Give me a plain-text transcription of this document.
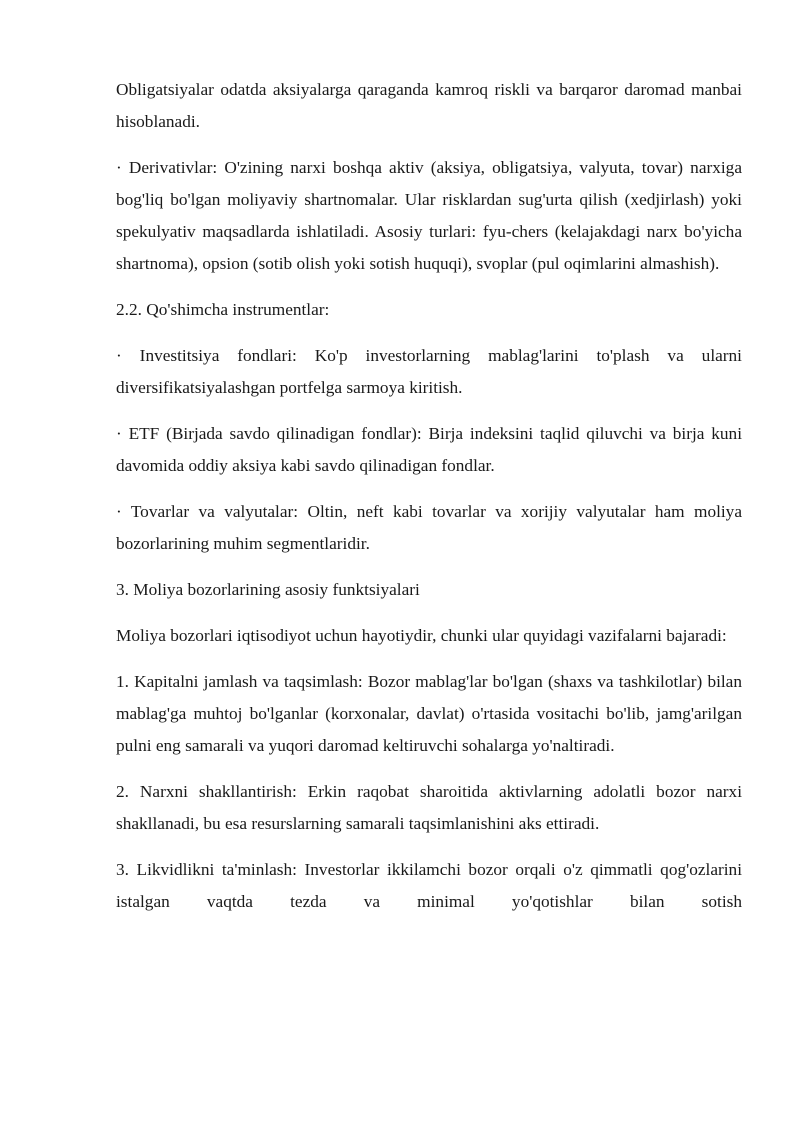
Obligatsiyalar odatda aksiyalarga qaraganda kamroq riskli va barqaror daromad manbai hisoblanadi.

· Derivativlar: O'zining narxi boshqa aktiv (aksiya, obligatsiya, valyuta, tovar) narxiga bog'liq bo'lgan moliyaviy shartnomalar. Ular risklardan sug'urta qilish (xedjirlash) yoki spekulyativ maqsadlarda ishlatiladi. Asosiy turlari: fyu-chers (kelajakdagi narx bo'yicha shartnoma), opsion (sotib olish yoki sotish huquqi), svoplar (pul oqimlarini almashish).

2.2. Qo'shimcha instrumentlar:

· Investitsiya fondlari: Ko'p investorlarning mablag'larini to'plash va ularni diversifikatsiyalashgan portfelga sarmoya kiritish.

· ETF (Birjada savdo qilinadigan fondlar): Birja indeksini taqlid qiluvchi va birja kuni davomida oddiy aksiya kabi savdo qilinadigan fondlar.

· Tovarlar va valyutalar: Oltin, neft kabi tovarlar va xorijiy valyutalar ham moliya bozorlarining muhim segmentlaridir.

3. Moliya bozorlarining asosiy funktsiyalari

Moliya bozorlari iqtisodiyot uchun hayotiydir, chunki ular quyidagi vazifalarni bajaradi:

1. Kapitalni jamlash va taqsimlash: Bozor mablag'lar bo'lgan (shaxs va tashkilotlar) bilan mablag'ga muhtoj bo'lganlar (korxonalar, davlat) o'rtasida vositachi bo'lib, jamg'arilgan pulni eng samarali va yuqori daromad keltiruvchi sohalarga yo'naltiradi.

2. Narxni shakllantirish: Erkin raqobat sharoitida aktivlarning adolatli bozor narxi shakllanadi, bu esa resurslarning samarali taqsimlanishini aks ettiradi.

3. Likvidlikni ta'minlash: Investorlar ikkilamchi bozor orqali o'z qimmatli qog'ozlarini istalgan vaqtda tezda va minimal yo'qotishlar bilan sotish
